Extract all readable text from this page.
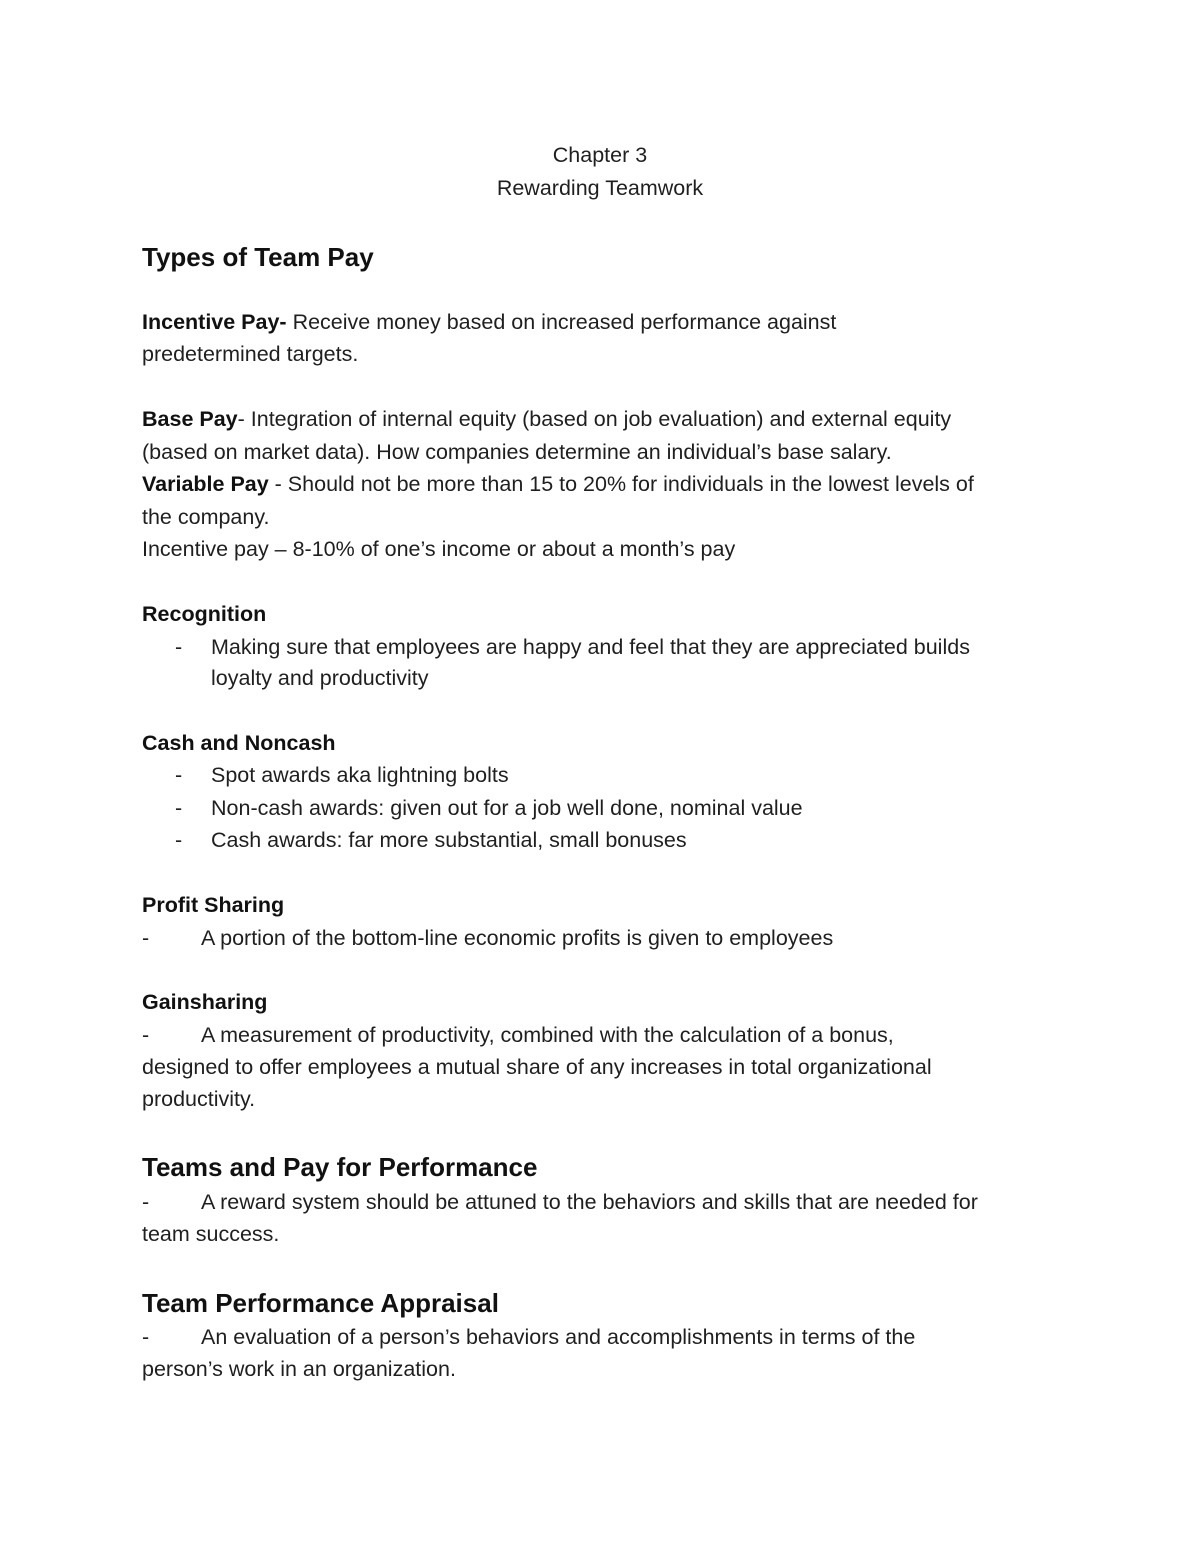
Chapter 3
Rewarding Teamwork
Types of Team Pay
Incentive Pay- Receive money based on increased performance against
predetermined targets.
Base Pay- Integration of internal equity (based on job evaluation) and external equity
(based on market data). How companies determine an individual’s base salary.
Variable Pay - Should not be more than 15 to 20% for individuals in the lowest levels of
the company.
Incentive pay – 8-10% of one’s income or about a month’s pay
Recognition
- Making sure that employees are happy and feel that they are appreciated builds
loyalty and productivity
Cash and Noncash
- Spot awards aka lightning bolts
- Non-cash awards: given out for a job well done, nominal value
- Cash awards: far more substantial, small bonuses
Profit Sharing
- A portion of the bottom-line economic profits is given to employees
Gainsharing
- A measurement of productivity, combined with the calculation of a bonus,
designed to offer employees a mutual share of any increases in total organizational
productivity.
Teams and Pay for Performance
- A reward system should be attuned to the behaviors and skills that are needed for
team success.
Team Performance Appraisal
- An evaluation of a person’s behaviors and accomplishments in terms of the
person’s work in an organization.
